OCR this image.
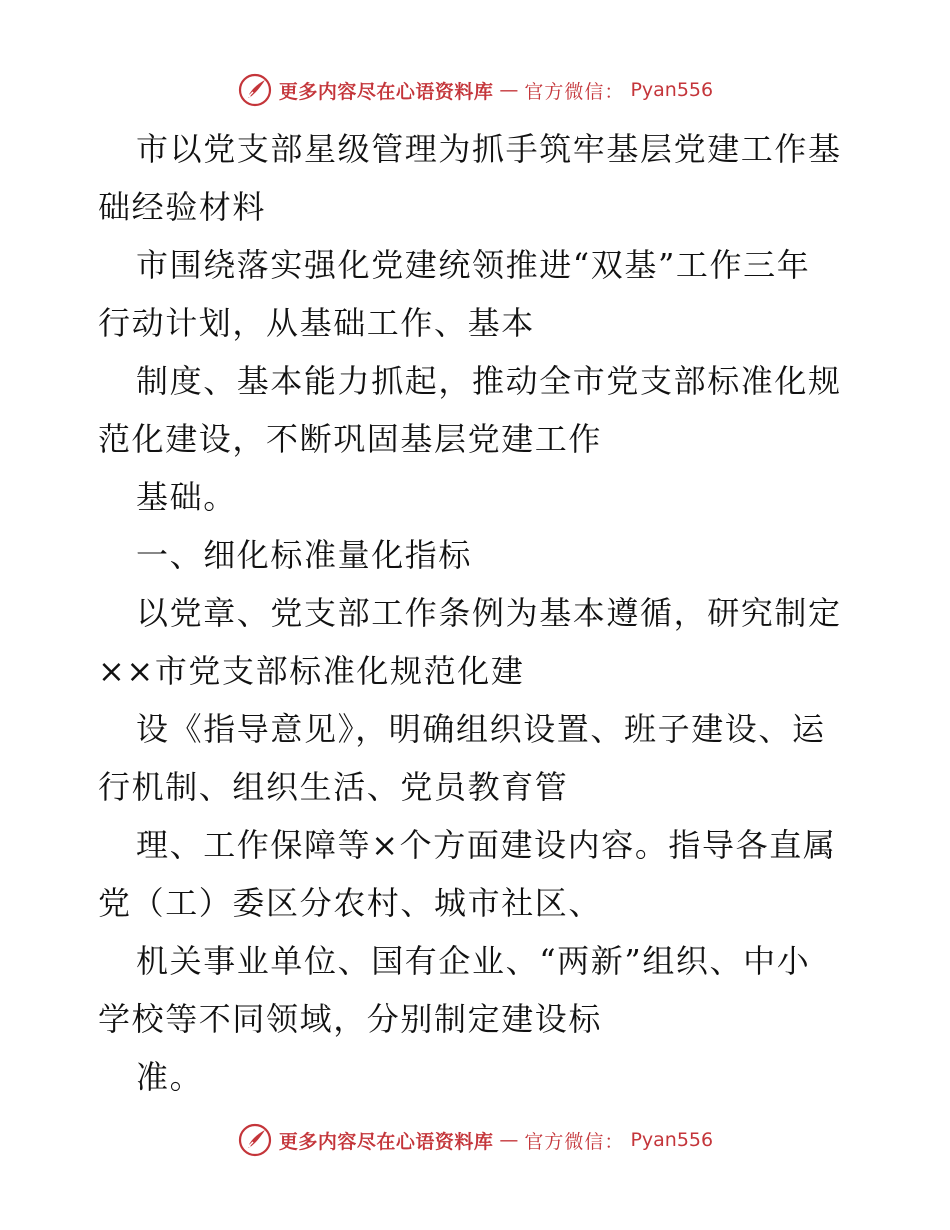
更多内容尽在心语资料库 — 官方微信： Pyan556
市以党支部星级管理为抓手筑牢基层党建工作基
础经验材料
市围绕落实强化党建统领推进“双基”工作三年
行动计划，从基础工作、基本
制度、基本能力抓起，推动全市党支部标准化规
范化建设，不断巩固基层党建工作
基础。
一、细化标准量化指标
以党章、党支部工作条例为基本遵循，研究制定
××市党支部标准化规范化建
设《指导意见》，明确组织设置、班子建设、运
行机制、组织生活、党员教育管
理、工作保障等×个方面建设内容。指导各直属
党（工）委区分农村、城市社区、
机关事业单位、国有企业、“两新”组织、中小
学校等不同领域，分别制定建设标
准。
更多内容尽在心语资料库 — 官方微信： Pyan556
